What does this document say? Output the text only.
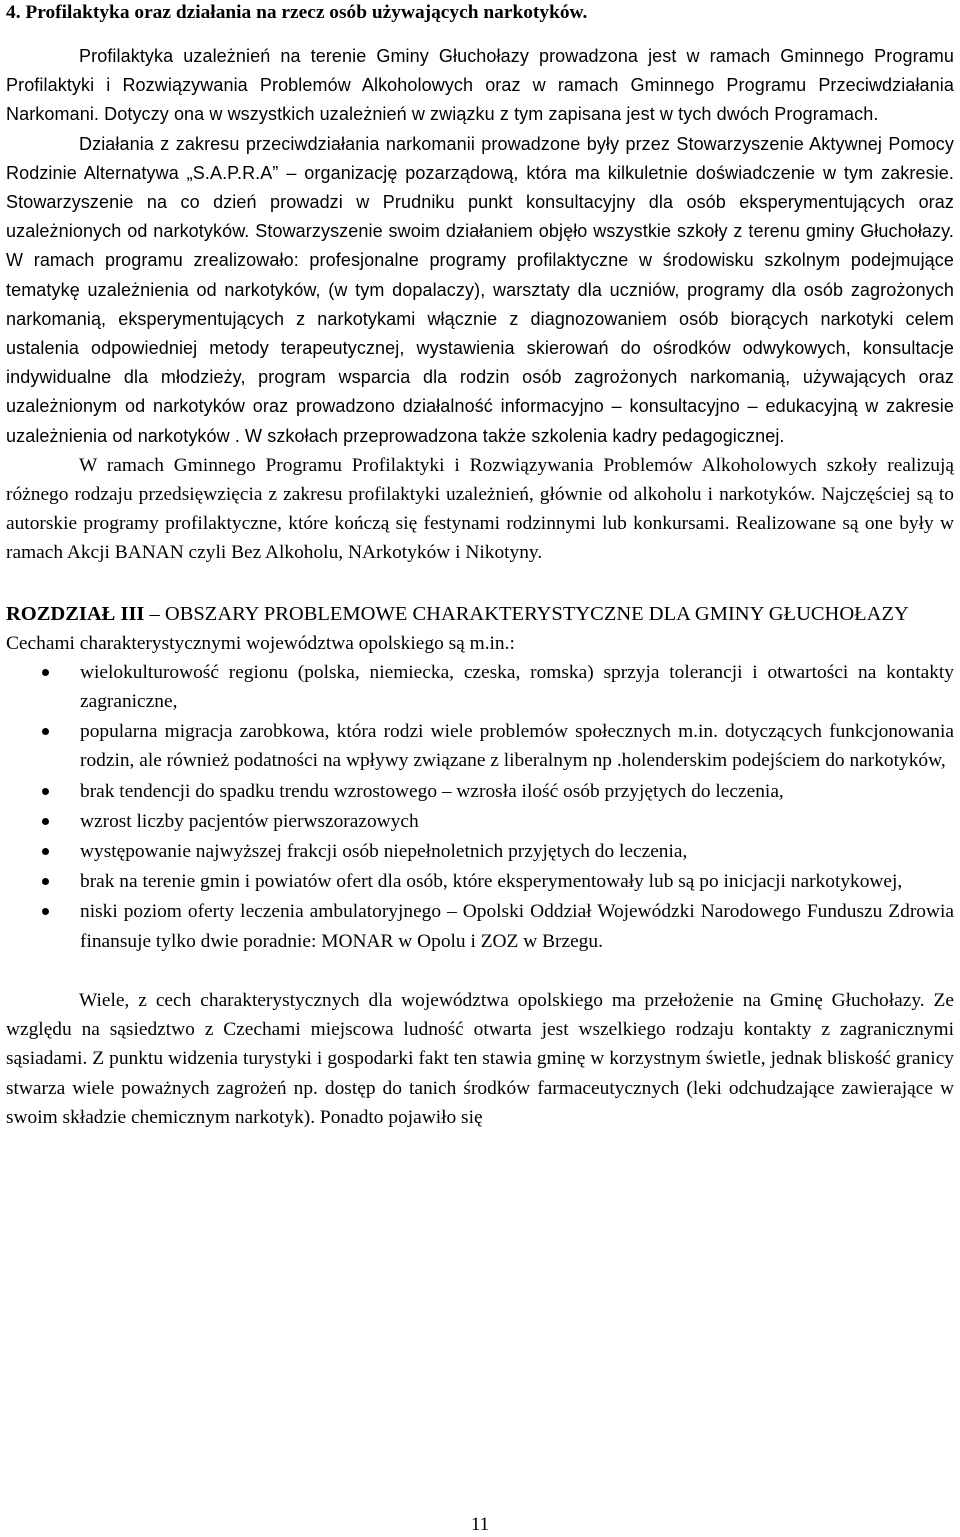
4. Profilaktyka oraz działania na rzecz osób używających narkotyków.

Profilaktyka uzależnień na terenie Gminy Głuchołazy prowadzona jest w ramach Gminnego Programu Profilaktyki i Rozwiązywania Problemów Alkoholowych oraz w ramach Gminnego Programu Przeciwdziałania Narkomani. Dotyczy ona w wszystkich uzależnień w związku z tym zapisana jest w tych dwóch Programach.

Działania z zakresu przeciwdziałania narkomanii prowadzone były przez Stowarzyszenie Aktywnej Pomocy Rodzinie Alternatywa „S.A.P.R.A” – organizację pozarządową, która ma kilkuletnie doświadczenie w tym zakresie. Stowarzyszenie na co dzień prowadzi w Prudniku punkt konsultacyjny dla osób eksperymentujących oraz uzależnionych od narkotyków. Stowarzyszenie swoim działaniem objęło wszystkie szkoły z terenu gminy Głuchołazy. W ramach programu zrealizowało: profesjonalne programy profilaktyczne w środowisku szkolnym podejmujące tematykę uzależnienia od narkotyków, (w tym dopalaczy), warsztaty dla uczniów, programy dla osób zagrożonych narkomanią, eksperymentujących z narkotykami włącznie z diagnozowaniem osób biorących narkotyki celem ustalenia odpowiedniej metody terapeutycznej, wystawienia skierowań do ośrodków odwykowych, konsultacje indywidualne dla młodzieży, program wsparcia dla rodzin osób zagrożonych narkomanią, używających oraz uzależnionym od narkotyków oraz prowadzono działalność informacyjno – konsultacyjno – edukacyjną w zakresie uzależnienia od narkotyków . W szkołach przeprowadzona także szkolenia kadry pedagogicznej.

W ramach Gminnego Programu Profilaktyki i Rozwiązywania Problemów Alkoholowych szkoły realizują różnego rodzaju przedsięwzięcia z zakresu profilaktyki uzależnień, głównie od alkoholu i narkotyków. Najczęściej są to autorskie programy profilaktyczne, które kończą się festynami rodzinnymi lub konkursami. Realizowane są one były w ramach Akcji BANAN czyli Bez Alkoholu, NArkotyków i Nikotyny.

ROZDZIAŁ III – OBSZARY PROBLEMOWE CHARAKTERYSTYCZNE DLA GMINY GŁUCHOŁAZY

Cechami charakterystycznymi województwa opolskiego są m.in.:

wielokulturowość regionu (polska, niemiecka, czeska, romska) sprzyja tolerancji i otwartości na kontakty zagraniczne,
popularna migracja zarobkowa, która rodzi wiele problemów społecznych m.in. dotyczących funkcjonowania rodzin, ale również podatności na wpływy związane z liberalnym np .holenderskim podejściem do narkotyków,
brak tendencji do spadku trendu wzrostowego – wzrosła ilość osób przyjętych do leczenia,
wzrost liczby pacjentów pierwszorazowych
występowanie najwyższej frakcji osób niepełnoletnich przyjętych do leczenia,
brak na terenie gmin i powiatów ofert dla osób, które eksperymentowały lub są po inicjacji narkotykowej,
niski poziom oferty leczenia ambulatoryjnego – Opolski Oddział Wojewódzki Narodowego Funduszu Zdrowia finansuje tylko dwie poradnie: MONAR w Opolu i ZOZ w Brzegu.

Wiele, z cech charakterystycznych dla województwa opolskiego ma przełożenie na Gminę Głuchołazy. Ze względu na sąsiedztwo z Czechami miejscowa ludność otwarta jest wszelkiego rodzaju kontakty z zagranicznymi sąsiadami. Z punktu widzenia turystyki i gospodarki fakt ten stawia gminę w korzystnym świetle, jednak bliskość granicy stwarza wiele poważnych zagrożeń np. dostęp do tanich środków farmaceutycznych (leki odchudzające zawierające w swoim składzie chemicznym narkotyk). Ponadto pojawiło się

11
